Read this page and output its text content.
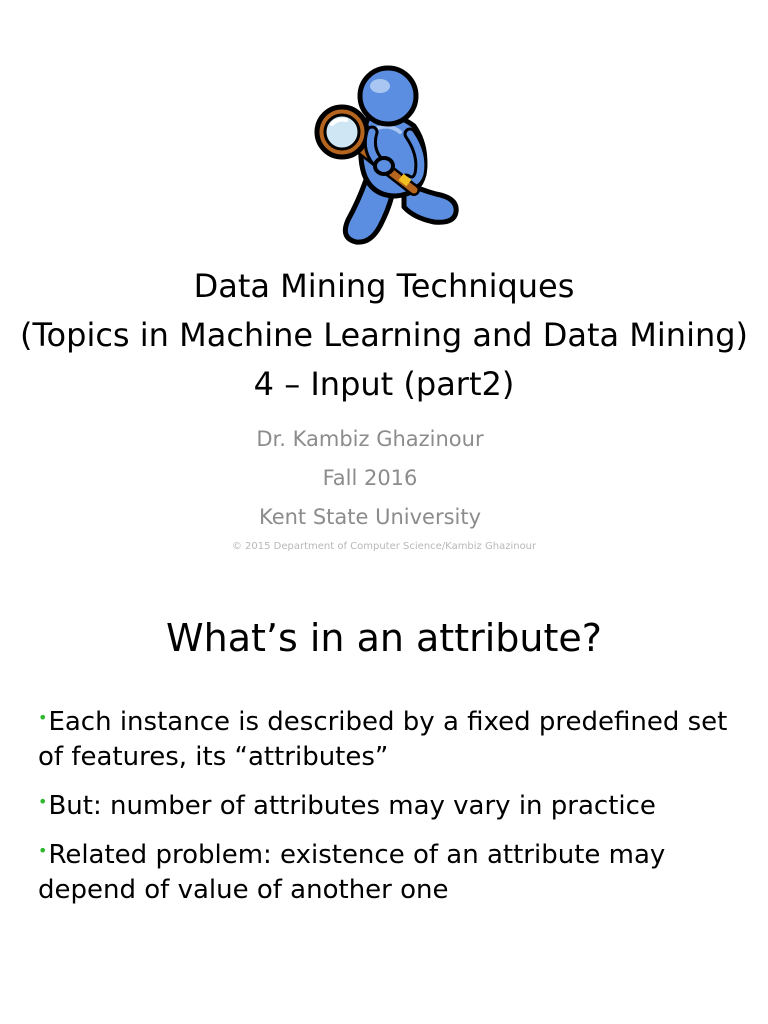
Data Mining Techniques
(Topics in Machine Learning and Data Mining)
4 – Input (part2)
Dr. Kambiz Ghazinour
Fall 2016
Kent State University
© 2015 Department of Computer Science/Kambiz Ghazinour
What’s in an attribute?
•Each instance is described by a fixed predefined set of features, its “attributes”
•But: number of attributes may vary in practice
•Related problem: existence of an attribute may depend of value of another one
